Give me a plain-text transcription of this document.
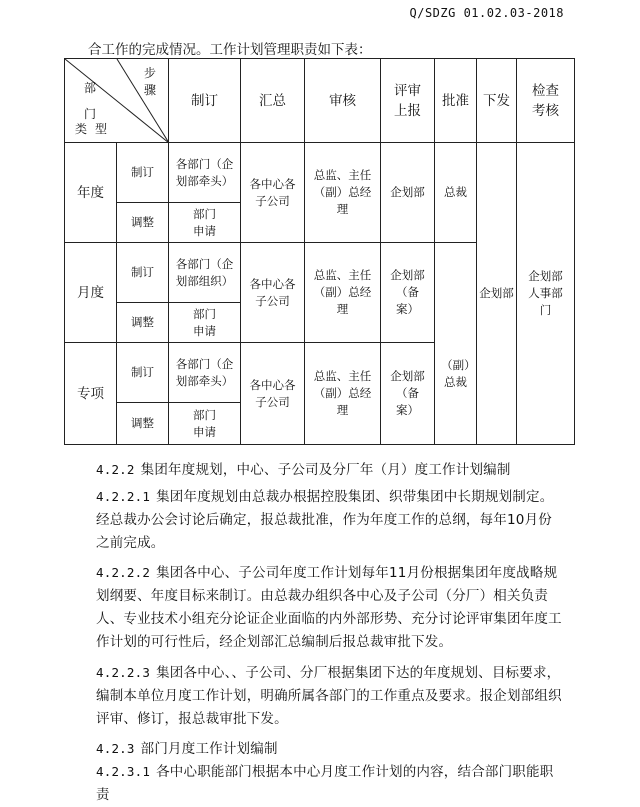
Q/SDZG 01.02.03-2018
合工作的完成情况。工作计划管理职责如下表：
步骤
部门
类型		制订	汇总	审核	评审上报	批准	下发	检查考核

年度	制订	各部门（企划部牵头）	各中心各子公司	总监、主任（副）总经理	企划部	总裁	企划部	企划部人事部门

	调整	部门申请						

月度	制订	各部门（企划部组织）	各中心各子公司	总监、主任（副）总经理	企划部（备案）	（副）总裁		

	调整	部门申请						

专项	制订	各部门（企划部牵头）	各中心各子公司	总监、主任（副）总经理	企划部（备案）			

	调整	部门申请						
4.2.2 集团年度规划，中心、子公司及分厂年（月）度工作计划编制
4.2.2.1 集团年度规划由总裁办根据控股集团、织带集团中长期规划制定。经总裁办公会讨论后确定，报总裁批准，作为年度工作的总纲，每年10月份之前完成。
4.2.2.2 集团各中心、子公司年度工作计划每年11月份根据集团年度战略规划纲要、年度目标来制订。由总裁办组织各中心及子公司（分厂）相关负责人、专业技术小组充分论证企业面临的内外部形势、充分讨论评审集团年度工作计划的可行性后，经企划部汇总编制后报总裁审批下发。
4.2.2.3 集团各中心、、子公司、分厂根据集团下达的年度规划、目标要求，编制本单位月度工作计划，明确所属各部门的工作重点及要求。报企划部组织评审、修订，报总裁审批下发。
4.2.3 部门月度工作计划编制
4.2.3.1 各中心职能部门根据本中心月度工作计划的内容，结合部门职能职责
